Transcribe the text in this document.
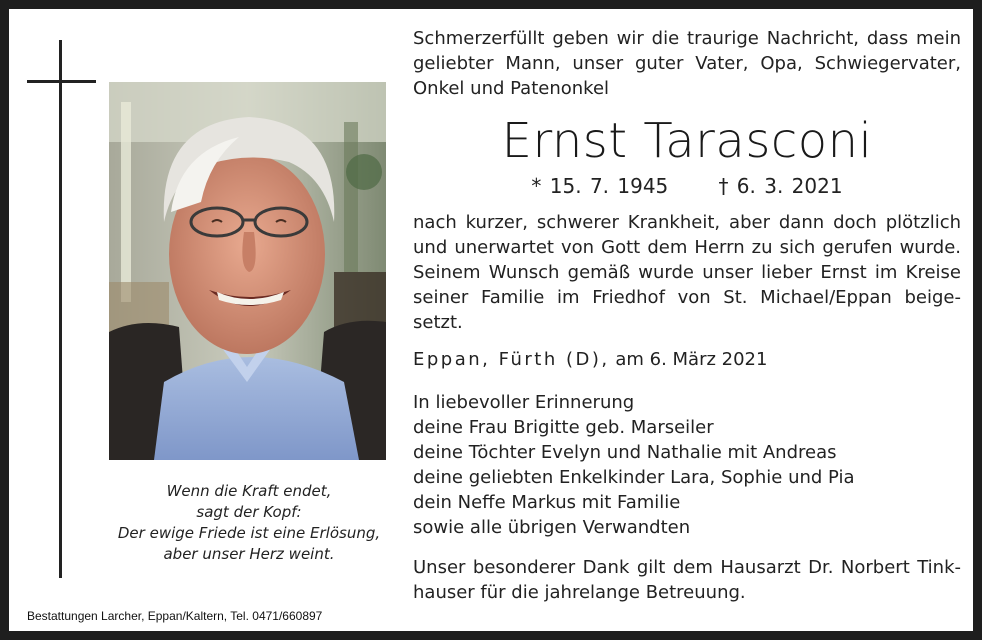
Wenn die Kraft endet,
sagt der Kopf:
Der ewige Friede ist eine Erlösung,
aber unser Herz weint.
Bestattungen Larcher, Eppan/Kaltern, Tel. 0471/660897
Schmerzerfüllt geben wir die traurige Nachricht, dass mein
geliebter Mann, unser guter Vater, Opa, Schwiegervater,
Onkel und Patenonkel
Ernst Tarasconi
* 15. 7. 1945	† 6. 3. 2021
nach kurzer, schwerer Krankheit, aber dann doch plötzlich
und unerwartet von Gott dem Herrn zu sich gerufen wurde.
Seinem Wunsch gemäß wurde unser lieber Ernst im Kreise
seiner Familie im Friedhof von St. Michael/Eppan beige-
setzt.
Eppan, Fürth (D), am 6. März 2021
In liebevoller Erinnerung
deine Frau Brigitte geb. Marseiler
deine Töchter Evelyn und Nathalie mit Andreas
deine geliebten Enkelkinder Lara, Sophie und Pia
dein Neffe Markus mit Familie
sowie alle übrigen Verwandten
Unser besonderer Dank gilt dem Hausarzt Dr. Norbert Tink-
hauser für die jahrelange Betreuung.
